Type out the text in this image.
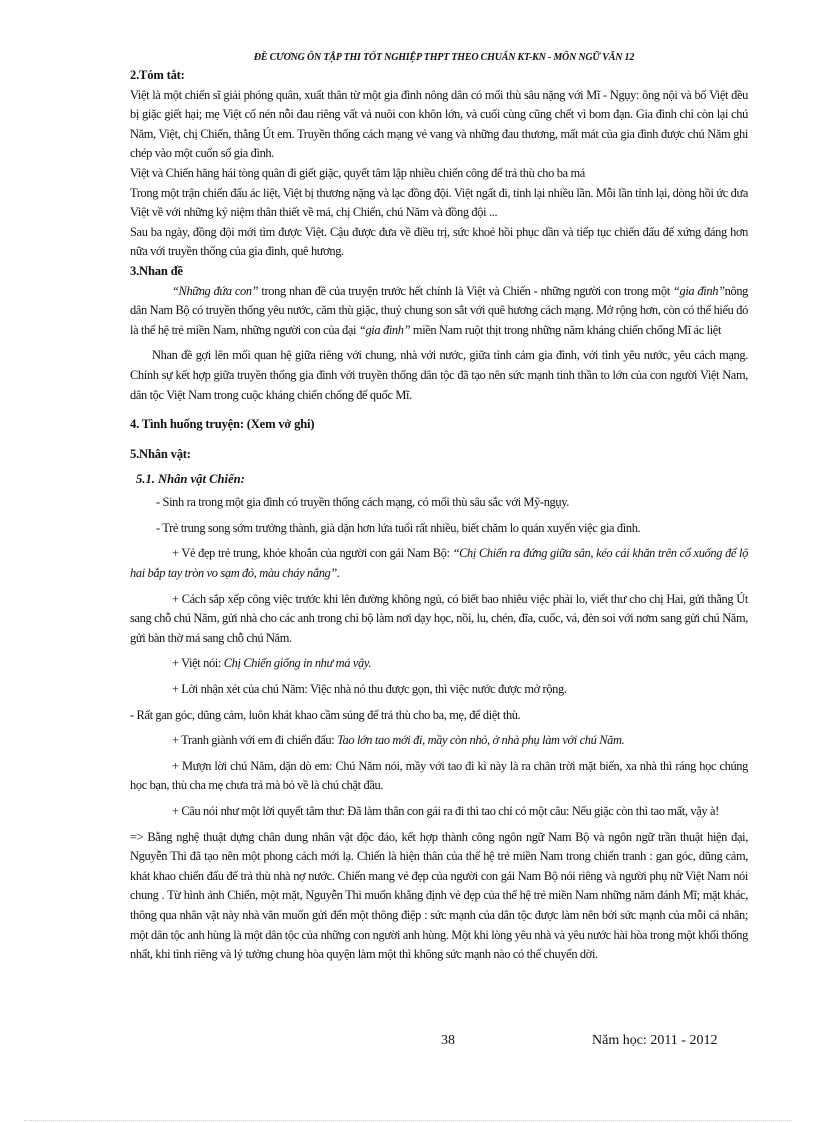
ĐỀ CƯƠNG ÔN TẬP THI TỐT NGHIỆP THPT THEO CHUẨN KT-KN - MÔN NGỮ VĂN 12

2.Tóm tắt:

Việt là một chiến sĩ giải phóng quân, xuất thân từ một gia đình nông dân có mối thù sâu nặng với Mĩ - Ngụy: ông nội và bố Việt đều bị giặc giết hại; mẹ Việt cố nén nỗi đau riêng vất vả nuôi con khôn lớn, và cuối cùng cũng chết vì bom đạn. Gia đình chỉ còn lại chú Năm, Việt, chị Chiến, thằng Út em. Truyền thống cách mạng vẻ vang và những đau thương, mất mát của gia đình được chú Năm ghi chép vào một cuốn sổ gia đình.

Việt và Chiến hăng hái tòng quân đi giết giặc, quyết tâm lập nhiều chiến công để trả thù cho ba má

Trong một trận chiến đấu ác liệt, Việt bị thương nặng và lạc đồng đội. Việt ngất đi, tỉnh lại nhiều lần. Mỗi lần tỉnh lại, dòng hồi ức đưa Việt về với những kỷ niệm thân thiết về má, chị Chiến, chú Năm và đồng đội ...

Sau ba ngày, đồng đội mới tìm được Việt. Cậu được đưa về điều trị, sức khoẻ hồi phục dần và tiếp tục chiến đấu để xứng đáng hơn nữa với truyền thống của gia đình, quê hương.

3.Nhan đề

“Những đứa con” trong nhan đề của truyện trước hết chính là Việt và Chiến - những người con trong một “gia đình”nông dân Nam Bộ có truyền thống yêu nước, căm thù giặc, thuỷ chung son sắt với quê hương cách mạng. Mở rộng hơn, còn có thể hiểu đó là thế hệ trẻ miền Nam, những người con của đại “gia đình” miền Nam ruột thịt trong những năm kháng chiến chống Mĩ ác liệt

Nhan đề gợi lên mối quan hệ giữa riêng với chung, nhà với nước, giữa tình cảm gia đình, với tình yêu nước, yêu cách mạng. Chính sự kết hợp giữa truyền thống gia đình với truyền thống dân tộc đã tạo nên sức mạnh tinh thần to lớn của con người Việt Nam, dân tộc Việt Nam trong cuộc kháng chiến chống đế quốc Mĩ.

4. Tình huống truyện: (Xem vở ghi)

5.Nhân vật:

5.1. Nhân vật Chiến:

- Sinh ra trong một gia đình có truyền thống cách mạng, có mối thù sâu sắc với Mỹ-ngụy.

- Trẻ trung song sớm trưởng thành, già dặn hơn lứa tuổi rất nhiều, biết chăm lo quán xuyến việc gia đình.

+ Vẻ đẹp trẻ trung, khỏe khoắn của người con gái Nam Bộ: “Chị Chiến ra đứng giữa sân, kéo cái khăn trên cổ xuống để lộ hai bắp tay tròn vo sạm đỏ, màu cháy nắng”.

+ Cách sắp xếp công việc trước khi lên đường không ngủ, có biết bao nhiêu việc phải lo, viết thư cho chị Hai, gửi thằng Út sang chỗ chú Năm, gửi nhà cho các anh trong chi bộ làm nơi dạy học, nồi, lu, chén, đĩa, cuốc, vá, đèn soi với nơm sang gửi chú Năm, gửi bàn thờ má sang chỗ chú Năm.

+ Việt nói: Chị Chiến giống in như má vậy.

+ Lời nhận xét của chú Năm: Việc nhà nó thu được gọn, thì việc nước được mở rộng.

- Rất gan góc, dũng cảm, luôn khát khao cầm súng để trả thù cho ba, mẹ, để diệt thù.

+ Tranh giành với em đi chiến đấu: Tao lớn tao mới đi, mầy còn nhỏ, ở nhà phụ làm với chú Năm.

+ Mượn lời chú Năm, dặn dò em: Chú Năm nói, mầy với tao đi kì này là ra chân trời mặt biển, xa nhà thì ráng học chúng học bạn, thù cha mẹ chưa trả mà bỏ về là chú chặt đầu.

+ Câu nói như một lời quyết tâm thư: Đã làm thân con gái ra đi thì tao chỉ có một câu: Nếu giặc còn thì tao mất, vậy à!

=> Bằng nghệ thuật dựng chân dung nhân vật độc đáo, kết hợp thành công ngôn ngữ Nam Bộ và ngôn ngữ trần thuật hiện đại, Nguyễn Thi đã tạo nên một phong cách mới lạ. Chiến là hiện thân của thế hệ trẻ miền Nam trong chiến tranh : gan góc, dũng cảm, khát khao chiến đấu để trả thù nhà nợ nước. Chiến mang vẻ đẹp của người con gái Nam Bộ nói riêng và người phụ nữ Việt Nam nói chung . Từ hình ảnh Chiến, một mặt, Nguyễn Thi muốn khẳng định vẻ đẹp của thế hệ trẻ miền Nam những năm đánh Mĩ; mặt khác, thông qua nhân vật này nhà văn muốn gửi đến một thông điệp : sức mạnh của dân tộc được làm nên bởi sức mạnh của mỗi cá nhân; một dân tộc anh hùng là một dân tộc của những con người anh hùng. Một khi lòng yêu nhà và yêu nước hài hòa trong một khối thống nhất, khi tình riêng và lý tưởng chung hòa quyện làm một thì không sức mạnh nào có thể chuyển dời.

38	Năm học: 2011 - 2012
